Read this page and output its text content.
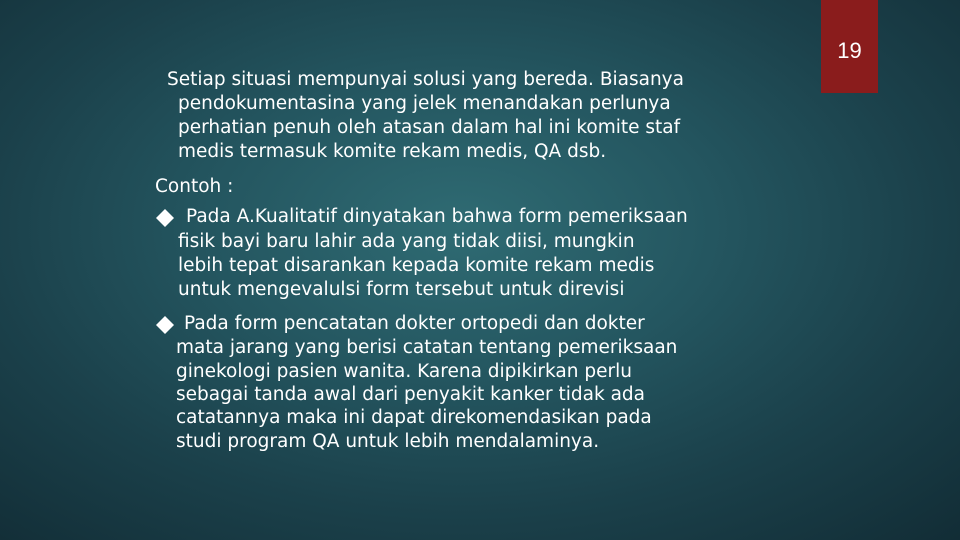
19
Setiap situasi mempunyai solusi yang bereda. Biasanya
pendokumentasina yang jelek menandakan perlunya
perhatian penuh oleh atasan dalam hal ini komite staf
medis termasuk komite rekam medis, QA dsb.
Contoh :
Pada A.Kualitatif dinyatakan bahwa form pemeriksaan
fisik bayi baru lahir ada yang tidak diisi, mungkin
lebih tepat disarankan kepada komite rekam medis
untuk mengevalulsi form tersebut untuk direvisi
Pada form pencatatan dokter ortopedi dan dokter
mata jarang yang berisi catatan tentang pemeriksaan
ginekologi pasien wanita. Karena dipikirkan perlu
sebagai tanda awal dari penyakit kanker tidak ada
catatannya maka ini dapat direkomendasikan pada
studi program QA untuk lebih mendalaminya.
